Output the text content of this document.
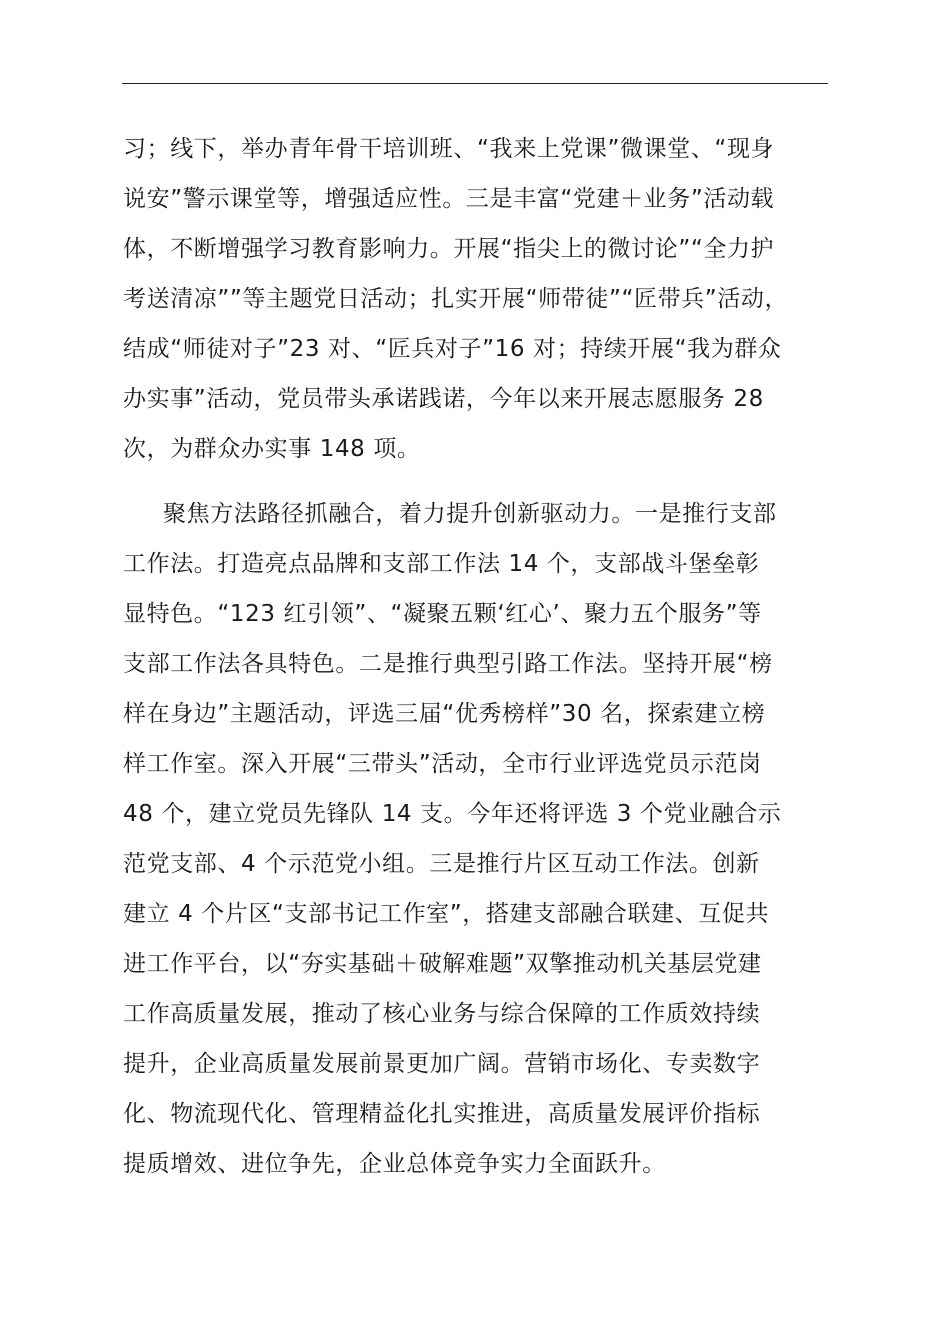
习；线下，举办青年骨干培训班、“我来上党课”微课堂、“现身
说安”警示课堂等，增强适应性。三是丰富“党建＋业务”活动载
体，不断增强学习教育影响力。开展“指尖上的微讨论”“全力护
考送清凉””等主题党日活动；扎实开展“师带徒”“匠带兵”活动，
结成“师徒对子”23 对、“匠兵对子”16 对；持续开展“我为群众
办实事”活动，党员带头承诺践诺，今年以来开展志愿服务 28
次，为群众办实事 148 项。
聚焦方法路径抓融合，着力提升创新驱动力。一是推行支部
工作法。打造亮点品牌和支部工作法 14 个，支部战斗堡垒彰
显特色。“123 红引领”、“凝聚五颗‘红心’、聚力五个服务”等
支部工作法各具特色。二是推行典型引路工作法。坚持开展“榜
样在身边”主题活动，评选三届“优秀榜样”30 名，探索建立榜
样工作室。深入开展“三带头”活动，全市行业评选党员示范岗
48 个，建立党员先锋队 14 支。今年还将评选 3 个党业融合示
范党支部、4 个示范党小组。三是推行片区互动工作法。创新
建立 4 个片区“支部书记工作室”，搭建支部融合联建、互促共
进工作平台，以“夯实基础＋破解难题”双擎推动机关基层党建
工作高质量发展，推动了核心业务与综合保障的工作质效持续
提升，企业高质量发展前景更加广阔。营销市场化、专卖数字
化、物流现代化、管理精益化扎实推进，高质量发展评价指标
提质增效、进位争先，企业总体竞争实力全面跃升。
